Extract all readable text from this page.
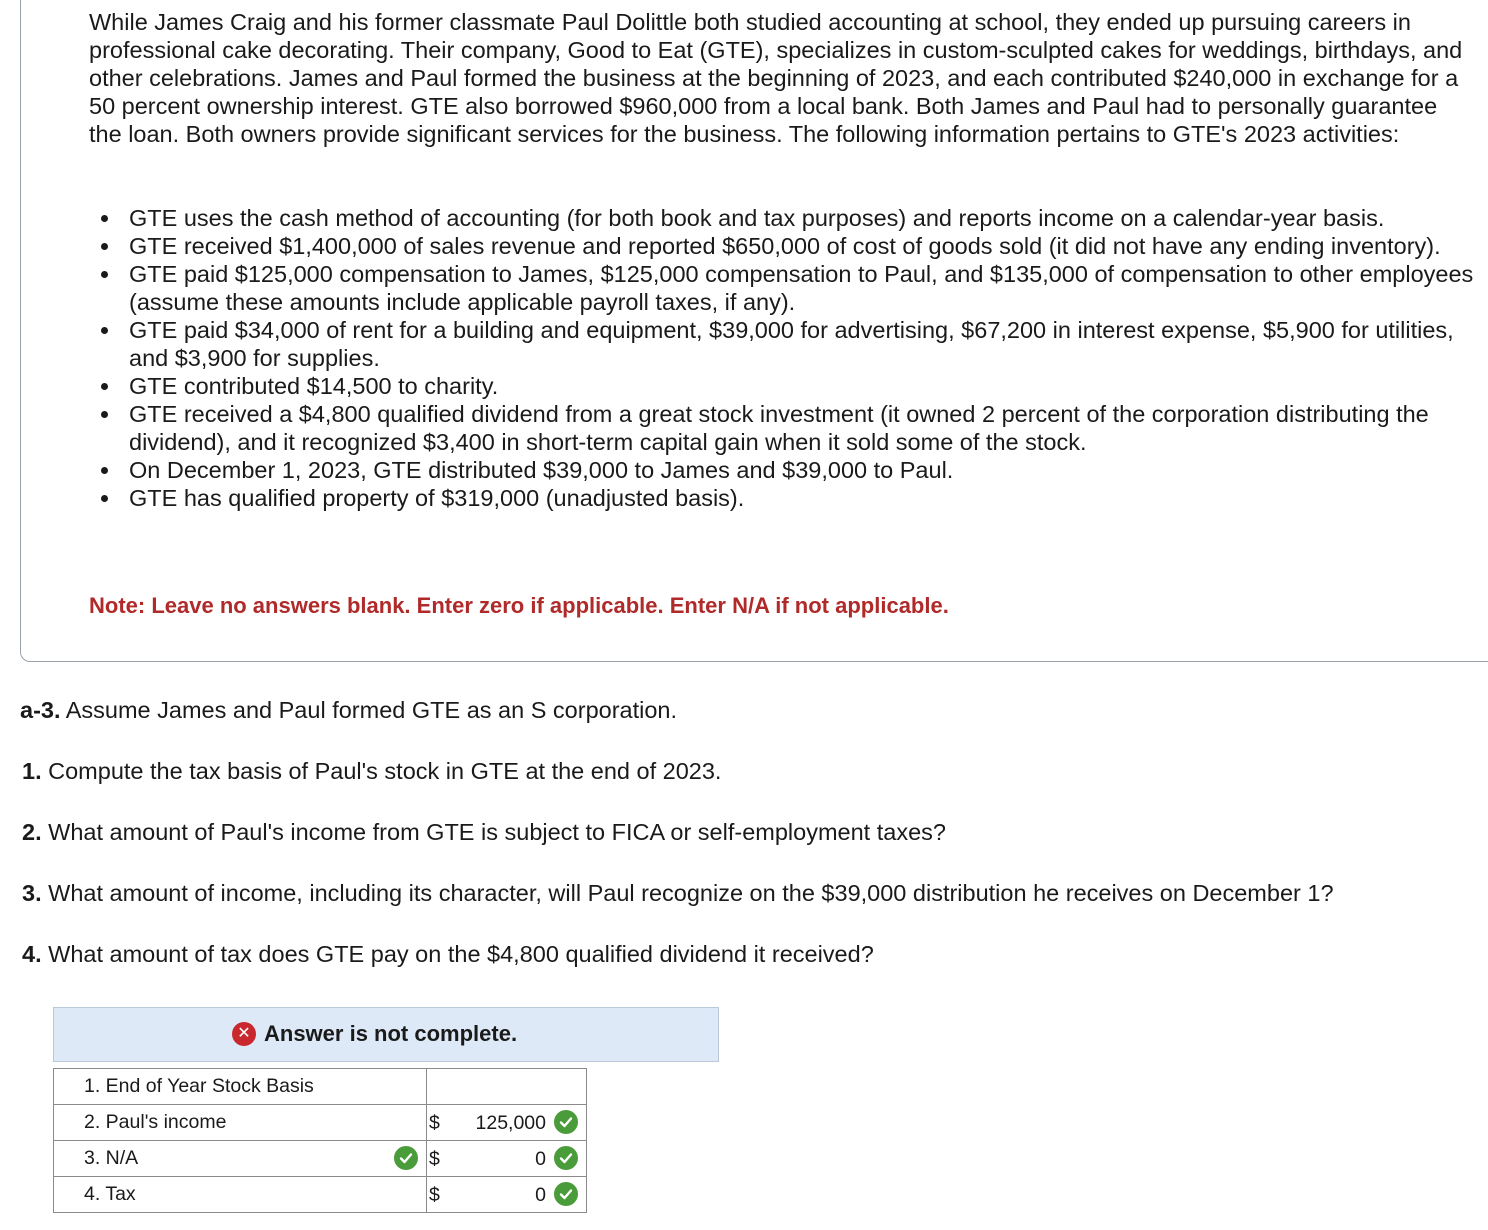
While James Craig and his former classmate Paul Dolittle both studied accounting at school, they ended up pursuing careers in professional cake decorating. Their company, Good to Eat (GTE), specializes in custom-sculpted cakes for weddings, birthdays, and other celebrations. James and Paul formed the business at the beginning of 2023, and each contributed $240,000 in exchange for a 50 percent ownership interest. GTE also borrowed $960,000 from a local bank. Both James and Paul had to personally guarantee the loan. Both owners provide significant services for the business. The following information pertains to GTE's 2023 activities:
GTE uses the cash method of accounting (for both book and tax purposes) and reports income on a calendar-year basis.
GTE received $1,400,000 of sales revenue and reported $650,000 of cost of goods sold (it did not have any ending inventory).
GTE paid $125,000 compensation to James, $125,000 compensation to Paul, and $135,000 of compensation to other employees (assume these amounts include applicable payroll taxes, if any).
GTE paid $34,000 of rent for a building and equipment, $39,000 for advertising, $67,200 in interest expense, $5,900 for utilities, and $3,900 for supplies.
GTE contributed $14,500 to charity.
GTE received a $4,800 qualified dividend from a great stock investment (it owned 2 percent of the corporation distributing the dividend), and it recognized $3,400 in short-term capital gain when it sold some of the stock.
On December 1, 2023, GTE distributed $39,000 to James and $39,000 to Paul.
GTE has qualified property of $319,000 (unadjusted basis).
Note: Leave no answers blank. Enter zero if applicable. Enter N/A if not applicable.
a-3. Assume James and Paul formed GTE as an S corporation.
1. Compute the tax basis of Paul's stock in GTE at the end of 2023.
2. What amount of Paul's income from GTE is subject to FICA or self-employment taxes?
3. What amount of income, including its character, will Paul recognize on the $39,000 distribution he receives on December 1?
4. What amount of tax does GTE pay on the $4,800 qualified dividend it received?
✕ Answer is not complete.
1. End of Year Stock Basis	

2. Paul's income	$ 125,000

3. N/A	$ 0

4. Tax	$ 0
